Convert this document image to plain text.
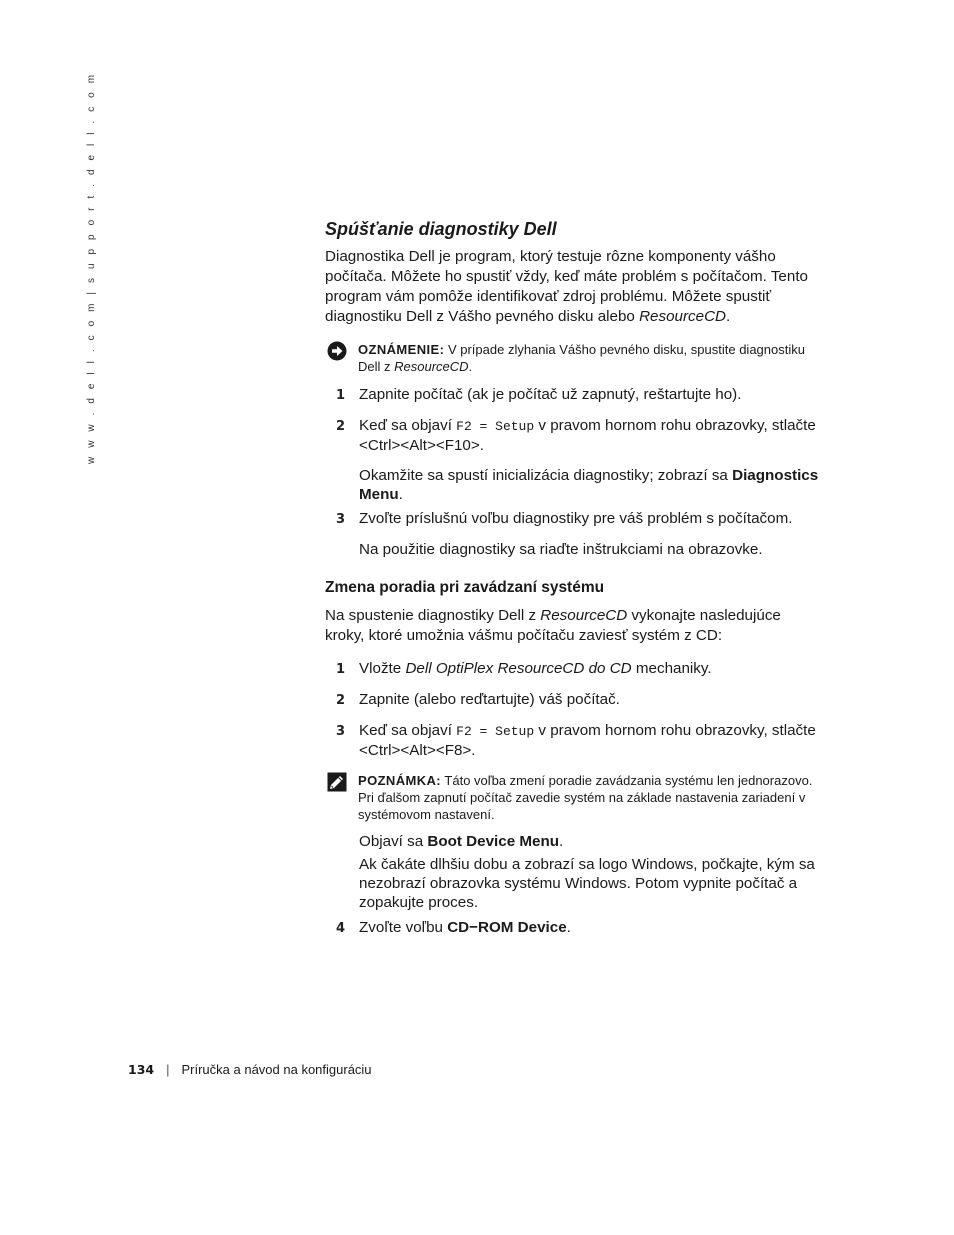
w w w . d e l l . c o m | s u p p o r t . d e l l . c o m	Spúšťanie diagnostiky Dell

Diagnostika Dell je program, ktorý testuje rôzne komponenty vášho počítača. Môžete ho spustiť vždy, keď máte problém s počítačom. Tento program vám pomôže identifikovať zdroj problému. Môžete spustiť diagnostiku Dell z Vášho pevného disku alebo ResourceCD.

OZNÁMENIE: V prípade zlyhania Vášho pevného disku, spustite diagnostiku Dell z ResourceCD.
1 Zapnite počítač (ak je počítač už zapnutý, reštartujte ho).
2 Keď sa objaví F2 = Setup v pravom hornom rohu obrazovky, stlačte <Ctrl><Alt><F10>.
Okamžite sa spustí inicializácia diagnostiky; zobrazí sa Diagnostics Menu.
3 Zvoľte príslušnú voľbu diagnostiky pre váš problém s počítačom.
Na použitie diagnostiky sa riaďte inštrukciami na obrazovke.
Zmena poradia pri zavádzaní systému

Na spustenie diagnostiky Dell z ResourceCD vykonajte nasledujúce kroky, ktoré umožnia vášmu počítaču zaviesť systém z CD:

1 Vložte Dell OptiPlex ResourceCD do CD mechaniky.
2 Zapnite (alebo reďtartujte) váš počítač.
3 Keď sa objaví F2 = Setup v pravom hornom rohu obrazovky, stlačte <Ctrl><Alt><F8>.
POZNÁMKA: Táto voľba zmení poradie zavádzania systému len jednorazovo. Pri ďalšom zapnutí počítač zavedie systém na základe nastavenia zariadení v systémovom nastavení.
Objaví sa Boot Device Menu.
Ak čakáte dlhšiu dobu a zobrazí sa logo Windows, počkajte, kým sa nezobrazí obrazovka systému Windows. Potom vypnite počítač a zopakujte proces.
4 Zvoľte voľbu CD−ROM Device.
134 | Príručka a návod na konfiguráciu
